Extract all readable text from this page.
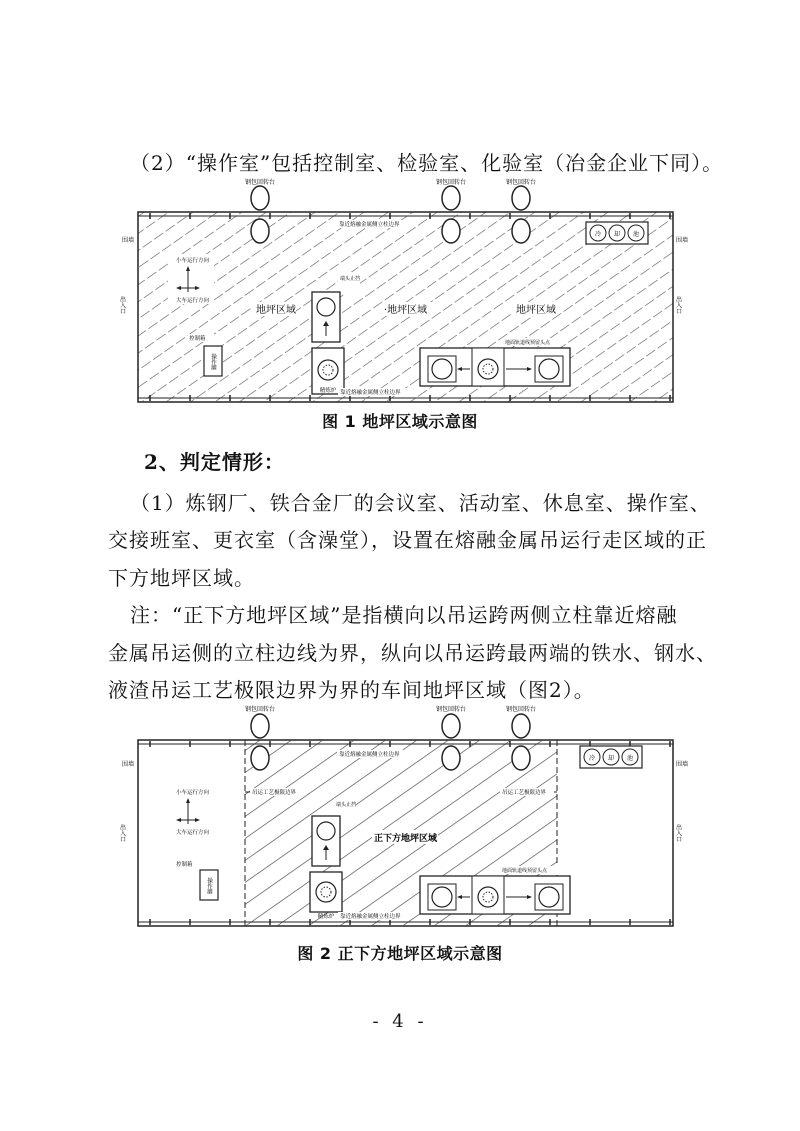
（2）“操作室”包括控制室、检验室、化验室（冶金企业下同）。
钢包回转台	钢包回转台	钢包回转台
冷 却 池
围墙	围墙
出入口	出入口
靠近熔融金属侧立柱边界
小车运行方向
大车运行方向
地坪区域	·地坪区域	地坪区域
端头止挡
精炼炉
控制箱
操作罐
地面轨道线预留头点
靠近熔融金属侧立柱边界
图 1 地坪区域示意图
2、判定情形：
（1）炼钢厂、铁合金厂的会议室、活动室、休息室、操作室、
交接班室、更衣室（含澡堂），设置在熔融金属吊运行走区域的正
下方地坪区域。
注：“正下方地坪区域”是指横向以吊运跨两侧立柱靠近熔融
金属吊运侧的立柱边线为界，纵向以吊运跨最两端的铁水、钢水、
液渣吊运工艺极限边界为界的车间地坪区域（图2）。
钢包回转台	钢包回转台	钢包回转台
冷 却 池
围墙	围墙
出入口	出入口
靠近熔融金属侧立柱边界
吊运工艺极限边界	吊运工艺极限边界
小车运行方向
大车运行方向
正下方地坪区域
端头止挡
精炼炉
控制箱
操作罐
地面轨道线预留头点
靠近熔融金属侧立柱边界
图 2 正下方地坪区域示意图
- 4 -
